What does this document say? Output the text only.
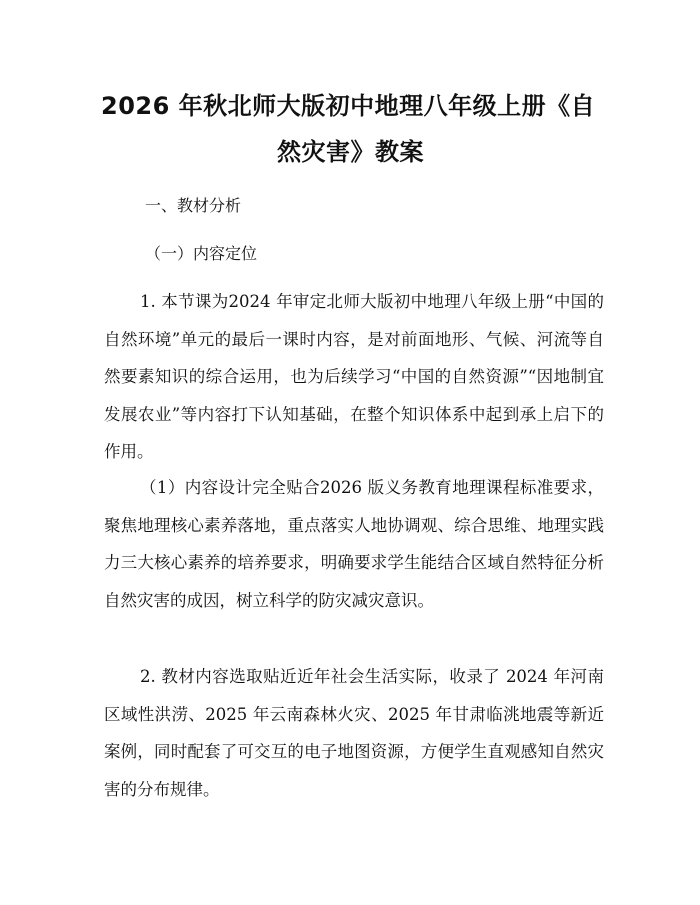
2026 年秋北师大版初中地理八年级上册《自
然灾害》教案
一、教材分析
（一）内容定位
1. 本节课为2024 年审定北师大版初中地理八年级上册“中国的自然环境”单元的最后一课时内容，是对前面地形、气候、河流等自然要素知识的综合运用，也为后续学习“中国的自然资源”“因地制宜发展农业”等内容打下认知基础，在整个知识体系中起到承上启下的作用。
（1）内容设计完全贴合2026 版义务教育地理课程标准要求，聚焦地理核心素养落地，重点落实人地协调观、综合思维、地理实践力三大核心素养的培养要求，明确要求学生能结合区域自然特征分析自然灾害的成因，树立科学的防灾减灾意识。
2. 教材内容选取贴近近年社会生活实际，收录了 2024 年河南区域性洪涝、2025 年云南森林火灾、2025 年甘肃临洮地震等新近案例，同时配套了可交互的电子地图资源，方便学生直观感知自然灾害的分布规律。
